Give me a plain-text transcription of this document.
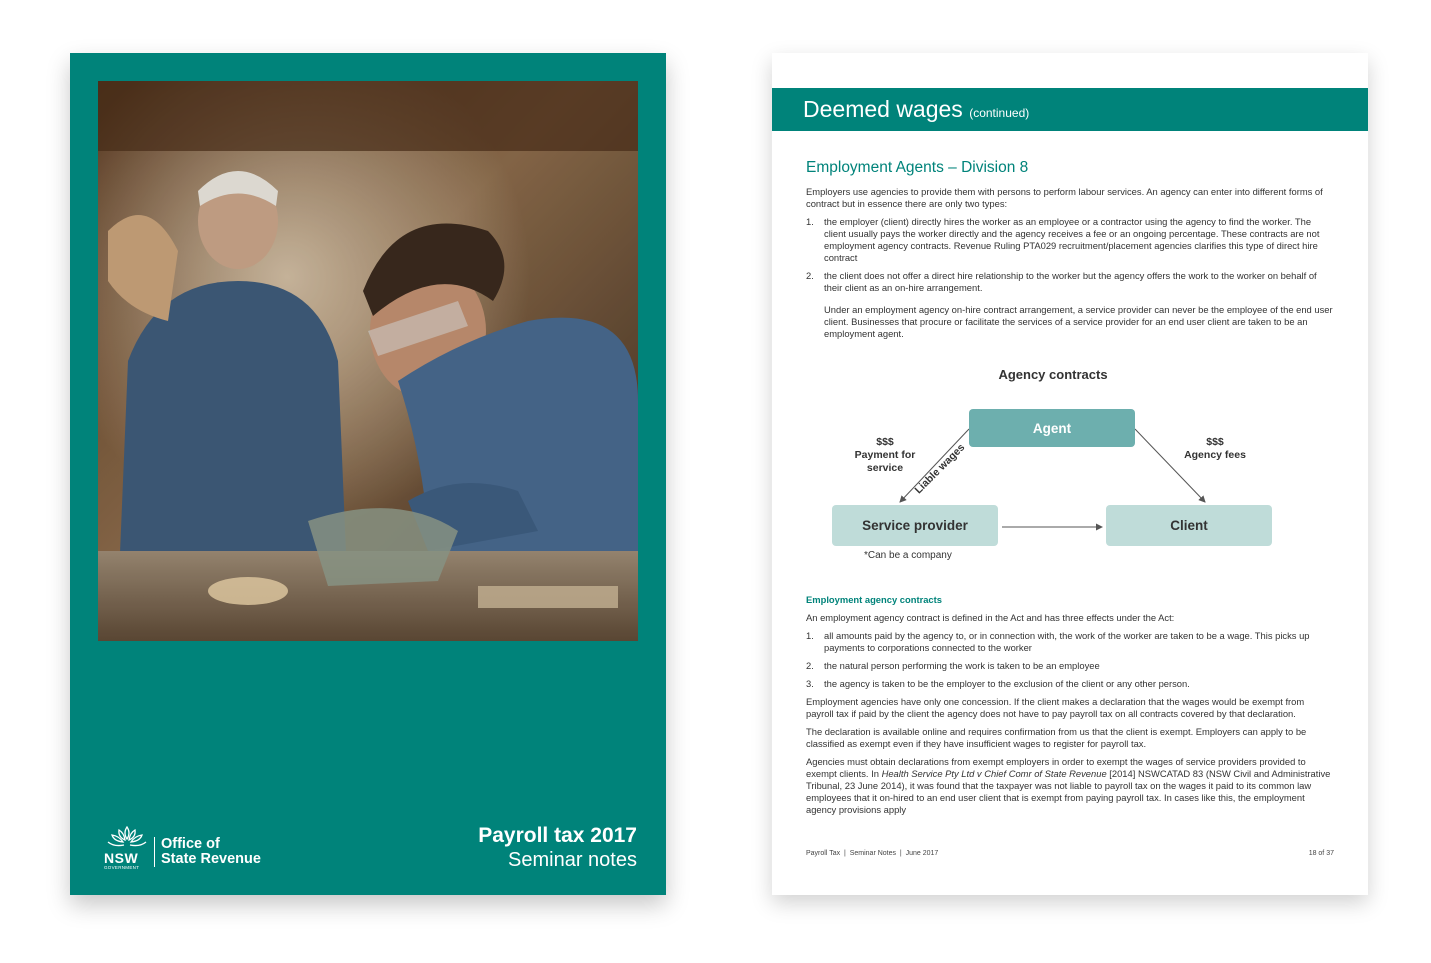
NSW
GOVERNMENT
Office of
State Revenue
Payroll tax 2017
Seminar notes
Deemed wages (continued)
Employment Agents – Division 8

Employers use agencies to provide them with persons to perform labour services. An agency can enter into different forms of contract but in essence there are only two types:

1. the employer (client) directly hires the worker as an employee or a contractor using the agency to find the worker. The client usually pays the worker directly and the agency receives a fee or an ongoing percentage. These contracts are not employment agency contracts. Revenue Ruling PTA029 recruitment/placement agencies clarifies this type of direct hire contract
2. the client does not offer a direct hire relationship to the worker but the agency offers the work to the worker on behalf of their client as an on-hire arrangement.

Under an employment agency on-hire contract arrangement, a service provider can never be the employee of the end user client. Businesses that procure or facilitate the services of a service provider for an end user client are taken to be an employment agent.

Agency contracts
Liable wages
Agent
Service provider	Client
$$$
Payment for
service
$$$
Agency fees
*Can be a company
Employment agency contracts

An employment agency contract is defined in the Act and has three effects under the Act:

1. all amounts paid by the agency to, or in connection with, the work of the worker are taken to be a wage. This picks up payments to corporations connected to the worker
2. the natural person performing the work is taken to be an employee
3. the agency is taken to be the employer to the exclusion of the client or any other person.

Employment agencies have only one concession. If the client makes a declaration that the wages would be exempt from payroll tax if paid by the client the agency does not have to pay payroll tax on all contracts covered by that declaration.

The declaration is available online and requires confirmation from us that the client is exempt. Employers can apply to be classified as exempt even if they have insufficient wages to register for payroll tax.

Agencies must obtain declarations from exempt employers in order to exempt the wages of service providers provided to exempt clients. In Health Service Pty Ltd v Chief Comr of State Revenue [2014] NSWCATAD 83 (NSW Civil and Administrative Tribunal, 23 June 2014), it was found that the taxpayer was not liable to payroll tax on the wages it paid to its common law employees that it on-hired to an end user client that is exempt from paying payroll tax. In cases like this, the employment agency provisions apply

Payroll Tax  |  Seminar Notes  |  June 2017	18 of 37
